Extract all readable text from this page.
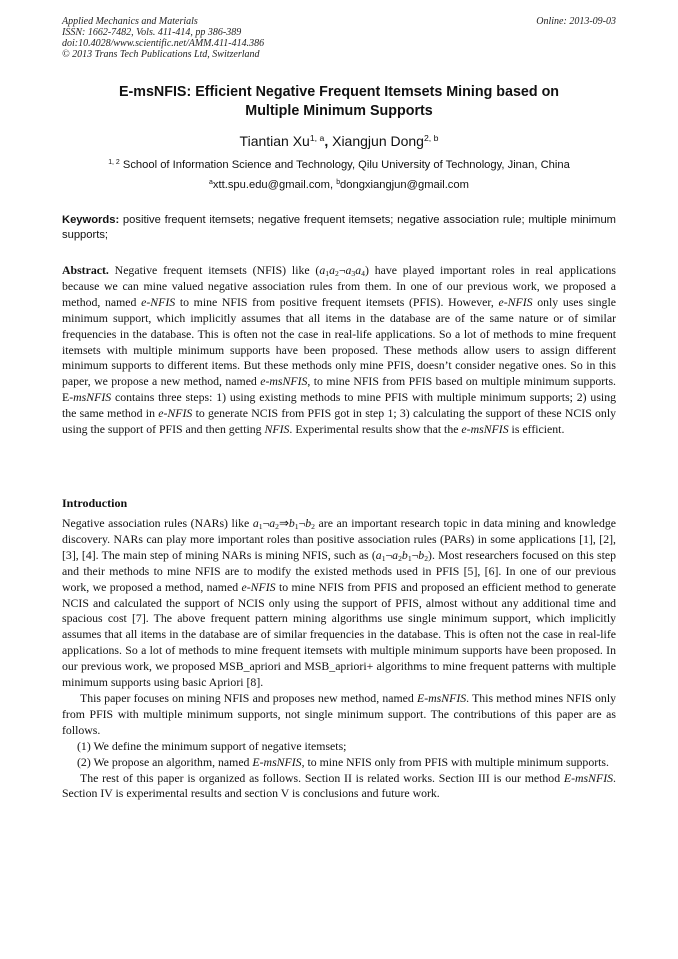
Applied Mechanics and Materials
ISSN: 1662-7482, Vols. 411-414, pp 386-389
doi:10.4028/www.scientific.net/AMM.411-414.386
© 2013 Trans Tech Publications Ltd, Switzerland
Online: 2013-09-03
E-msNFIS: Efficient Negative Frequent Itemsets Mining based on
Multiple Minimum Supports
Tiantian Xu$^{1, a}$, Xiangjun Dong$^{2, b}$
$^{1, 2}$ School of Information Science and Technology, Qilu University of Technology, Jinan, China
$^a$xtt.spu.edu@gmail.com, $^b$dongxiangjun@gmail.com
Keywords: positive frequent itemsets; negative frequent itemsets; negative association rule; multiple minimum supports;
Abstract. Negative frequent itemsets (NFIS) like $(a_1a_2\neg a_3a_4)$ have played important roles in real applications because we can mine valued negative association rules from them. In one of our previous work, we proposed a method, named e-NFIS to mine NFIS from positive frequent itemsets (PFIS). However, e-NFIS only uses single minimum support, which implicitly assumes that all items in the database are of the same nature or of similar frequencies in the database. This is often not the case in real-life applications. So a lot of methods to mine frequent itemsets with multiple minimum supports have been proposed. These methods allow users to assign different minimum supports to different items. But these methods only mine PFIS, doesn’t consider negative ones. So in this paper, we propose a new method, named e-msNFIS, to mine NFIS from PFIS based on multiple minimum supports. E-msNFIS contains three steps: 1) using existing methods to mine PFIS with multiple minimum supports; 2) using the same method in e-NFIS to generate NCIS from PFIS got in step 1; 3) calculating the support of these NCIS only using the support of PFIS and then getting NFIS. Experimental results show that the e-msNFIS is efficient.
Introduction

Negative association rules (NARs) like $a_1\neg a_2\Rightarrow b_1\neg b_2$ are an important research topic in data mining and knowledge discovery. NARs can play more important roles than positive association rules (PARs) in some applications [1], [2], [3], [4]. The main step of mining NARs is mining NFIS, such as $(a_1\neg a_2b_1\neg b_2)$. Most researchers focused on this step and their methods to mine NFIS are to modify the existed methods used in PFIS [5], [6]. In one of our previous work, we proposed a method, named e-NFIS to mine NFIS from PFIS and proposed an efficient method to generate NCIS and calculated the support of NCIS only using the support of PFIS, almost without any additional time and spacious cost [7]. The above frequent pattern mining algorithms use single minimum support, which implicitly assumes that all items in the database are of similar frequencies in the database. This is often not the case in real-life applications. So a lot of methods to mine frequent itemsets with multiple minimum supports have been proposed. In our previous work, we proposed MSB_apriori and MSB_apriori+ algorithms to mine frequent patterns with multiple minimum supports using basic Apriori [8].

This paper focuses on mining NFIS and proposes new method, named E-msNFIS. This method mines NFIS only from PFIS with multiple minimum supports, not single minimum support. The contributions of this paper are as follows.

(1) We define the minimum support of negative itemsets;

(2) We propose an algorithm, named E-msNFIS, to mine NFIS only from PFIS with multiple minimum supports.

The rest of this paper is organized as follows. Section II is related works. Section III is our method E-msNFIS. Section IV is experimental results and section V is conclusions and future work.
